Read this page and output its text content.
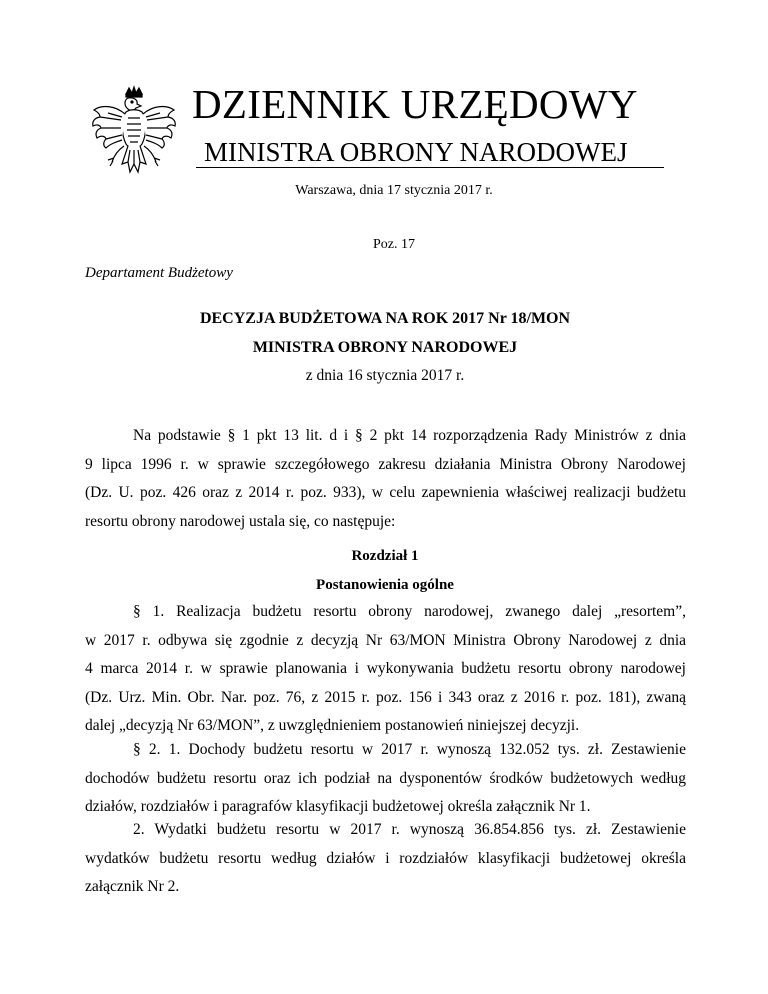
DZIENNIK URZĘDOWY
MINISTRA OBRONY NARODOWEJ
Warszawa, dnia 17 stycznia 2017 r.
Poz. 17
Departament Budżetowy
DECYZJA BUDŻETOWA NA ROK 2017 Nr 18/MON
MINISTRA OBRONY NARODOWEJ
z dnia 16 stycznia 2017 r.
Na podstawie § 1 pkt 13 lit. d i § 2 pkt 14 rozporządzenia Rady Ministrów z dnia
9 lipca 1996 r. w sprawie szczegółowego zakresu działania Ministra Obrony Narodowej
(Dz. U. poz. 426 oraz z 2014 r. poz. 933), w celu zapewnienia właściwej realizacji budżetu
resortu obrony narodowej ustala się, co następuje:
Rozdział 1
Postanowienia ogólne
§ 1. Realizacja budżetu resortu obrony narodowej, zwanego dalej „resortem”,
w 2017 r. odbywa się zgodnie z decyzją Nr 63/MON Ministra Obrony Narodowej z dnia
4 marca 2014 r. w sprawie planowania i wykonywania budżetu resortu obrony narodowej
(Dz. Urz. Min. Obr. Nar. poz. 76, z 2015 r. poz. 156 i 343 oraz z 2016 r. poz. 181), zwaną
dalej „decyzją Nr 63/MON”, z uwzględnieniem postanowień niniejszej decyzji.
§ 2. 1. Dochody budżetu resortu w 2017 r. wynoszą 132.052 tys. zł. Zestawienie
dochodów budżetu resortu oraz ich podział na dysponentów środków budżetowych według
działów, rozdziałów i paragrafów klasyfikacji budżetowej określa załącznik Nr 1.
2. Wydatki budżetu resortu w 2017 r. wynoszą 36.854.856 tys. zł. Zestawienie
wydatków budżetu resortu według działów i rozdziałów klasyfikacji budżetowej określa
załącznik Nr 2.
